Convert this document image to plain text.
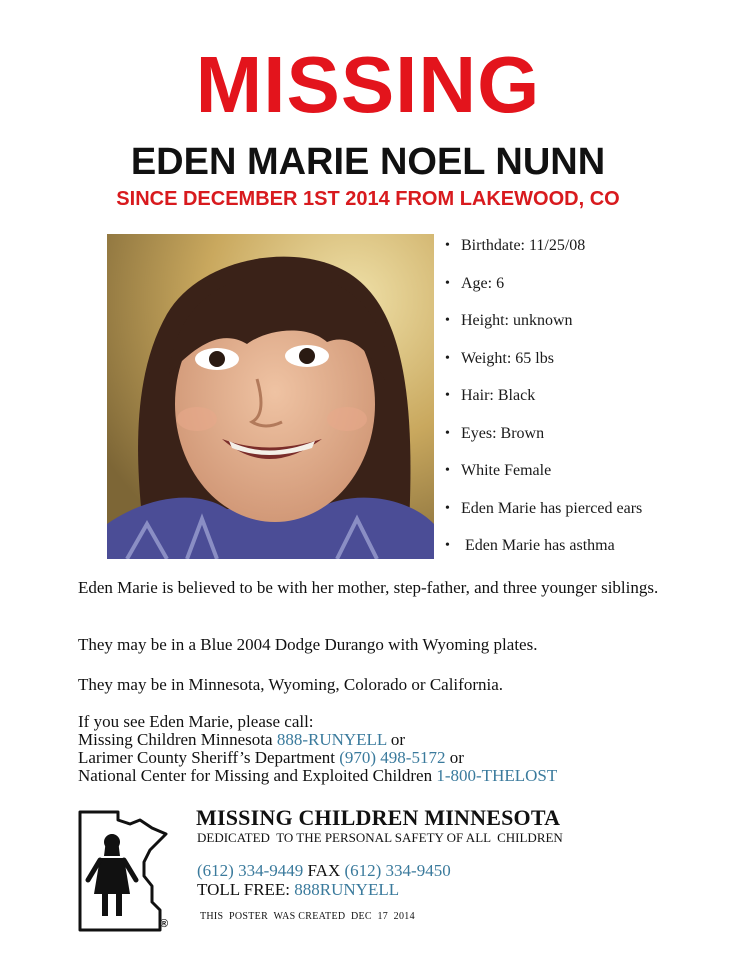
MISSING
EDEN MARIE NOEL NUNN
SINCE DECEMBER 1ST 2014 FROM LAKEWOOD, CO
• Birthdate: 11/25/08
• Age: 6
• Height: unknown
• Weight: 65 lbs
• Hair: Black
• Eyes: Brown
• White Female
• Eden Marie has pierced ears
• Eden Marie has asthma
Eden Marie is believed to be with her mother, step-father, and three younger siblings.
They may be in a Blue 2004 Dodge Durango with Wyoming plates.
They may be in Minnesota, Wyoming, Colorado or California.
If you see Eden Marie, please call:
Missing Children Minnesota 888-RUNYELL or
Larimer County Sheriff’s Department (970) 498-5172 or
National Center for Missing and Exploited Children 1-800-THELOST
®
MISSING CHILDREN MINNESOTA
DEDICATED  TO THE PERSONAL SAFETY OF ALL  CHILDREN
(612) 334-9449 FAX (612) 334-9450
TOLL FREE: 888RUNYELL
THIS  POSTER  WAS CREATED  DEC  17  2014
